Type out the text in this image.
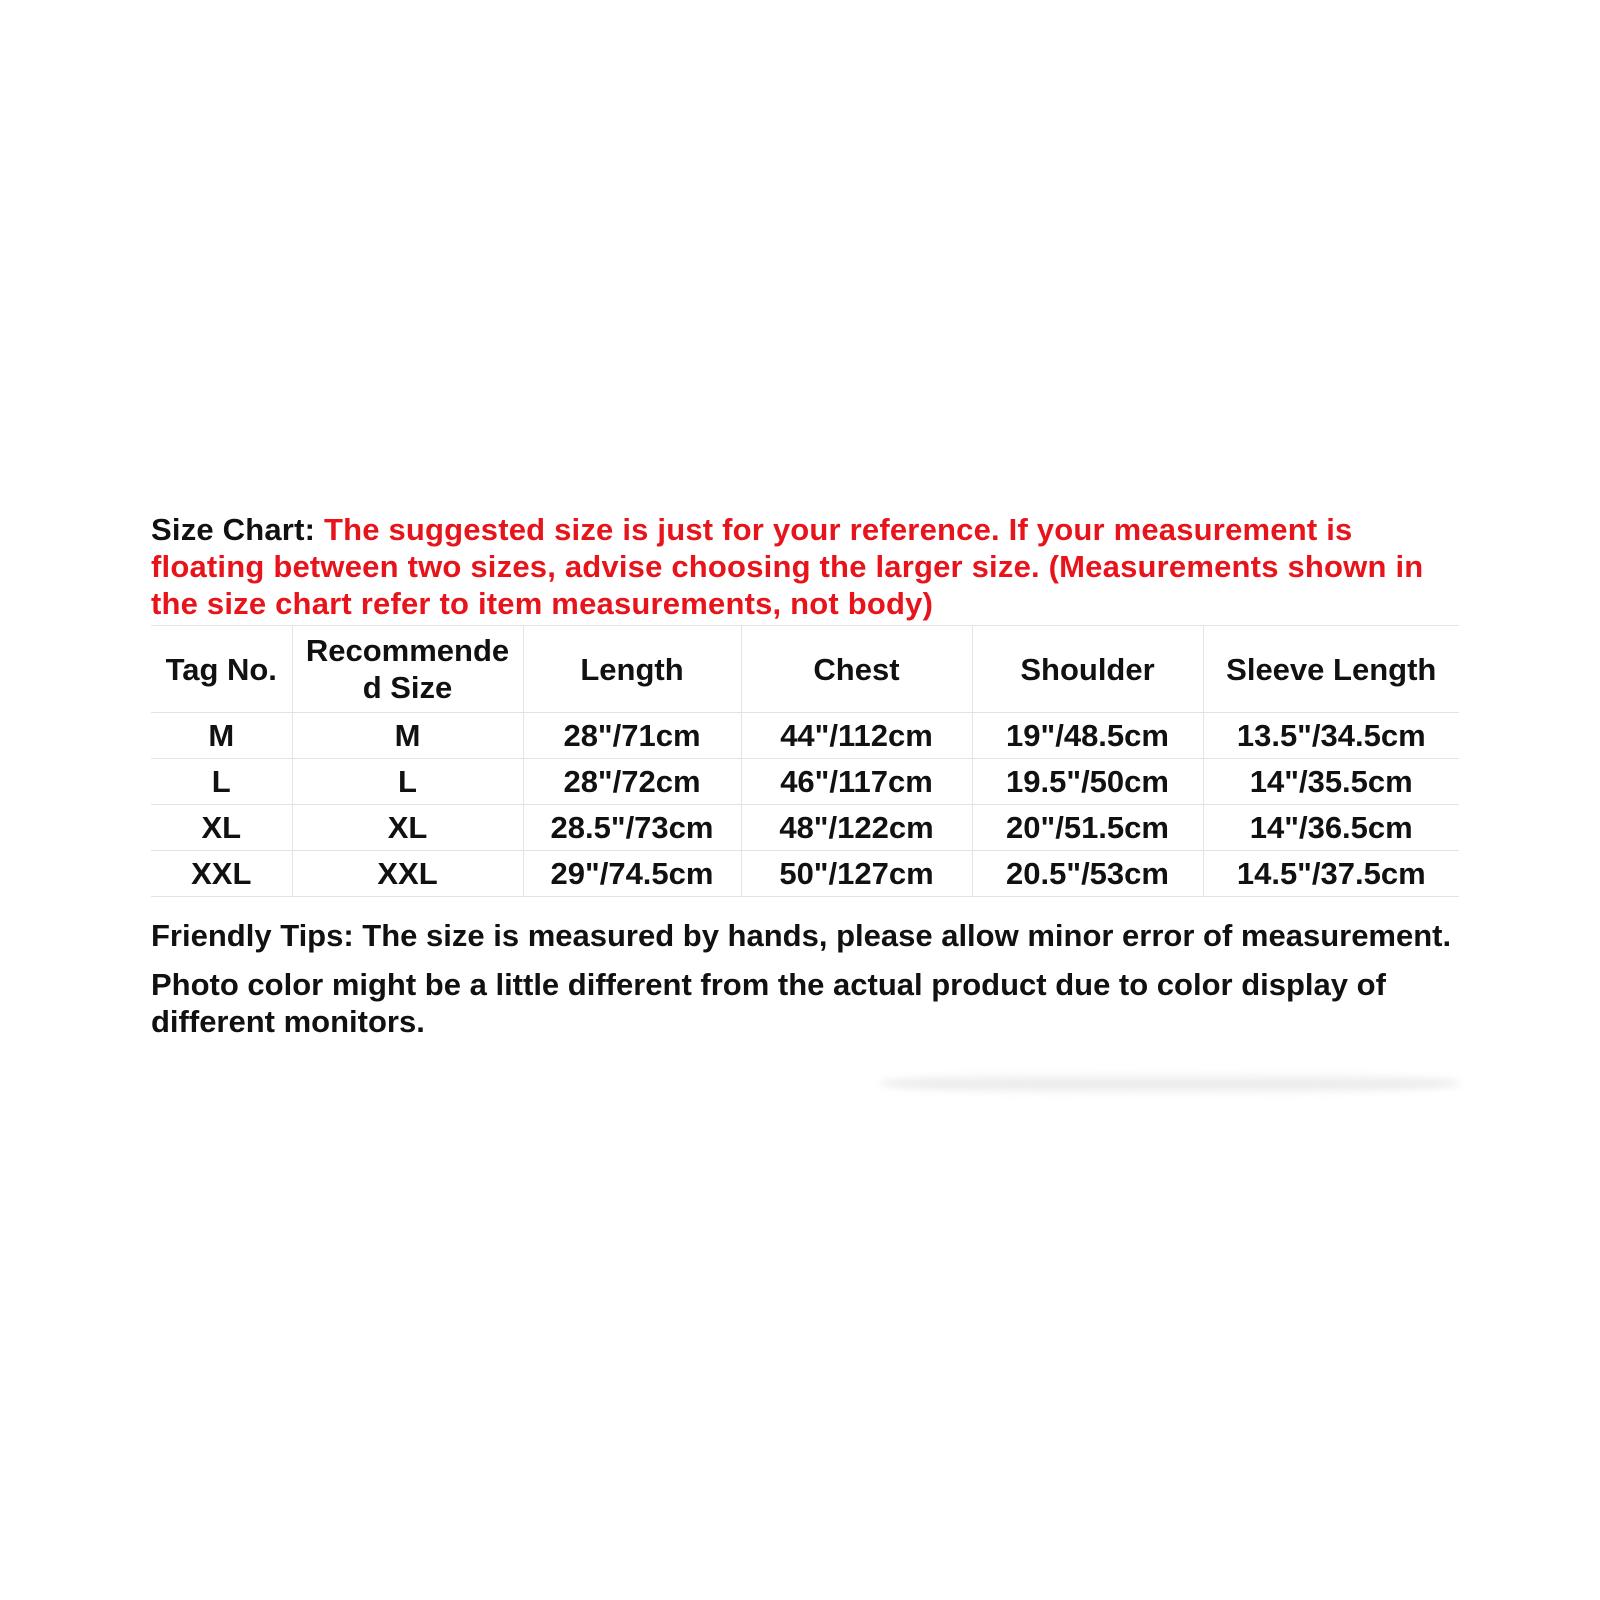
Size Chart: The suggested size is just for your reference. If your measurement is floating between two sizes, advise choosing the larger size. (Measurements shown in the size chart refer to item measurements, not body)

Tag No.	Recommended Size	Length	Chest	Shoulder	Sleeve Length
M	M	28"/71cm	44"/112cm	19"/48.5cm	13.5"/34.5cm
L	L	28"/72cm	46"/117cm	19.5"/50cm	14"/35.5cm
XL	XL	28.5"/73cm	48"/122cm	20"/51.5cm	14"/36.5cm
XXL	XXL	29"/74.5cm	50"/127cm	20.5"/53cm	14.5"/37.5cm

Friendly Tips: The size is measured by hands, please allow minor error of measurement.

Photo color might be a little different from the actual product due to color display of different monitors.
